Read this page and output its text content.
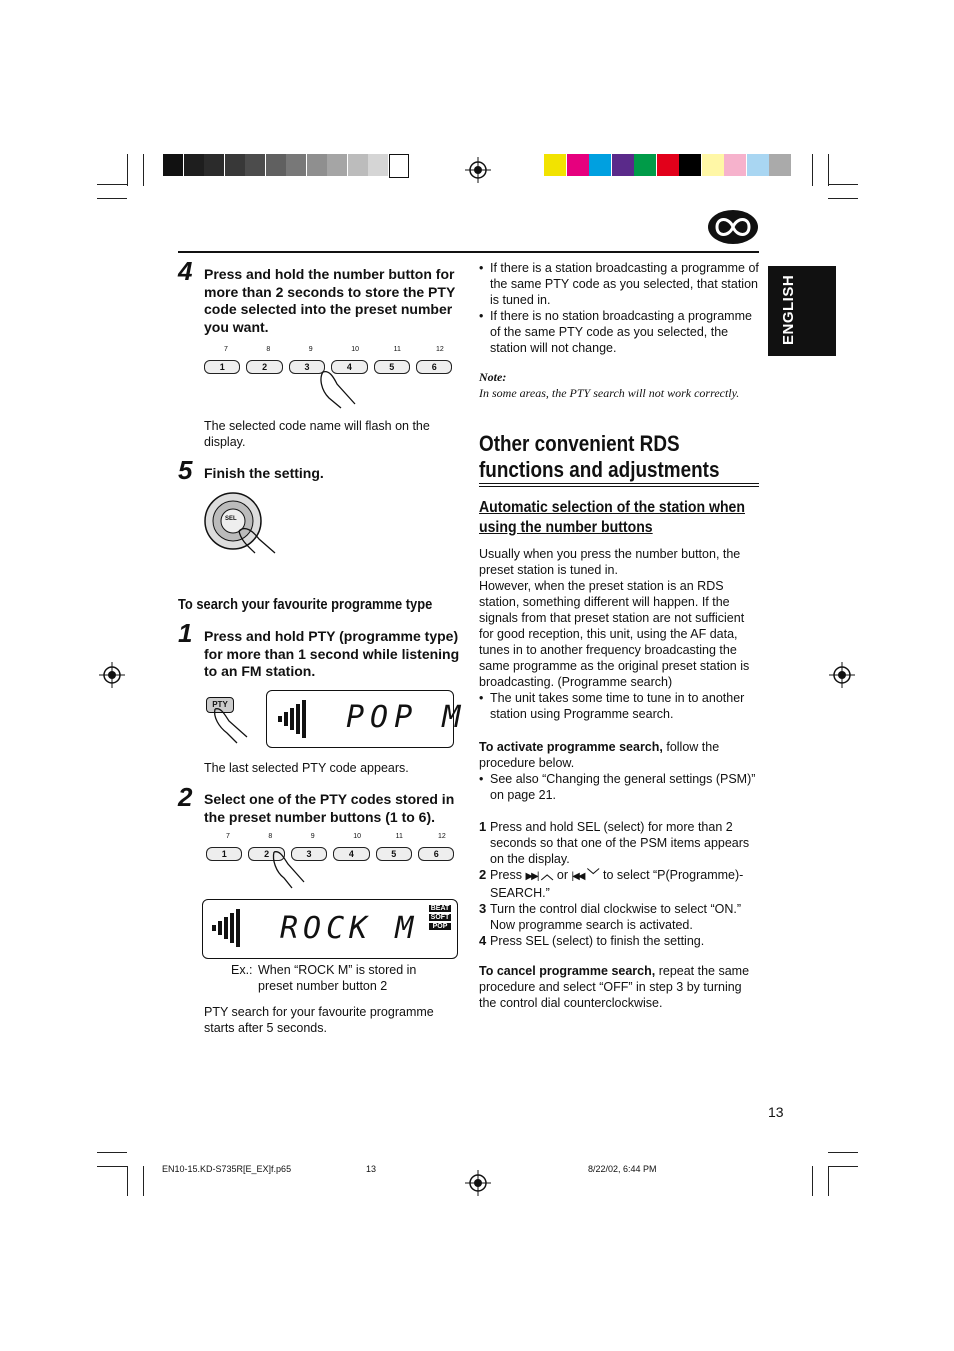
ENGLISH
4 Press and hold the number button for more than 2 seconds to store the PTY code selected into the preset number you want.
7	8	9	10	11	12
1	2	3	4	5	6
The selected code name will flash on the display.
5 Finish the setting.
SEL
To search your favourite programme type
1 Press and hold PTY (programme type) for more than 1 second while listening to an FM station.
PTY	POP M
The last selected PTY code appears.
2 Select one of the PTY codes stored in the preset number buttons (1 to 6).
7	8	9	10	11	12
1	2	3	4	5	6
ROCK M
BEAT
SOFT
POP
Ex.: When “ROCK M” is stored in preset number button 2
PTY search for your favourite programme starts after 5 seconds.
• If there is a station broadcasting a programme of the same PTY code as you selected, that station is tuned in.
• If there is no station broadcasting a programme of the same PTY code as you selected, the station will not change.
Note:
In some areas, the PTY search will not work correctly.
Other convenient RDS functions and adjustments
Automatic selection of the station when using the number buttons
Usually when you press the number button, the preset station is tuned in.
However, when the preset station is an RDS station, something different will happen. If the signals from that preset station are not sufficient for good reception, this unit, using the AF data, tunes in to another frequency broadcasting the same programme as the original preset station is broadcasting. (Programme search)
• The unit takes some time to tune in to another station using Programme search.
To activate programme search, follow the procedure below.
• See also “Changing the general settings (PSM)” on page 21.
1 Press and hold SEL (select) for more than 2 seconds so that one of the PSM items appears on the display.
2 Press ▶▶| ︿ or |◀◀ ﹀ to select “P(Programme)-SEARCH.”
3 Turn the control dial clockwise to select “ON.” Now programme search is activated.
4 Press SEL (select) to finish the setting.
To cancel programme search, repeat the same procedure and select “OFF” in step 3 by turning the control dial counterclockwise.
13
EN10-15.KD-S735R[E_EX]f.p65	13	8/22/02, 6:44 PM
